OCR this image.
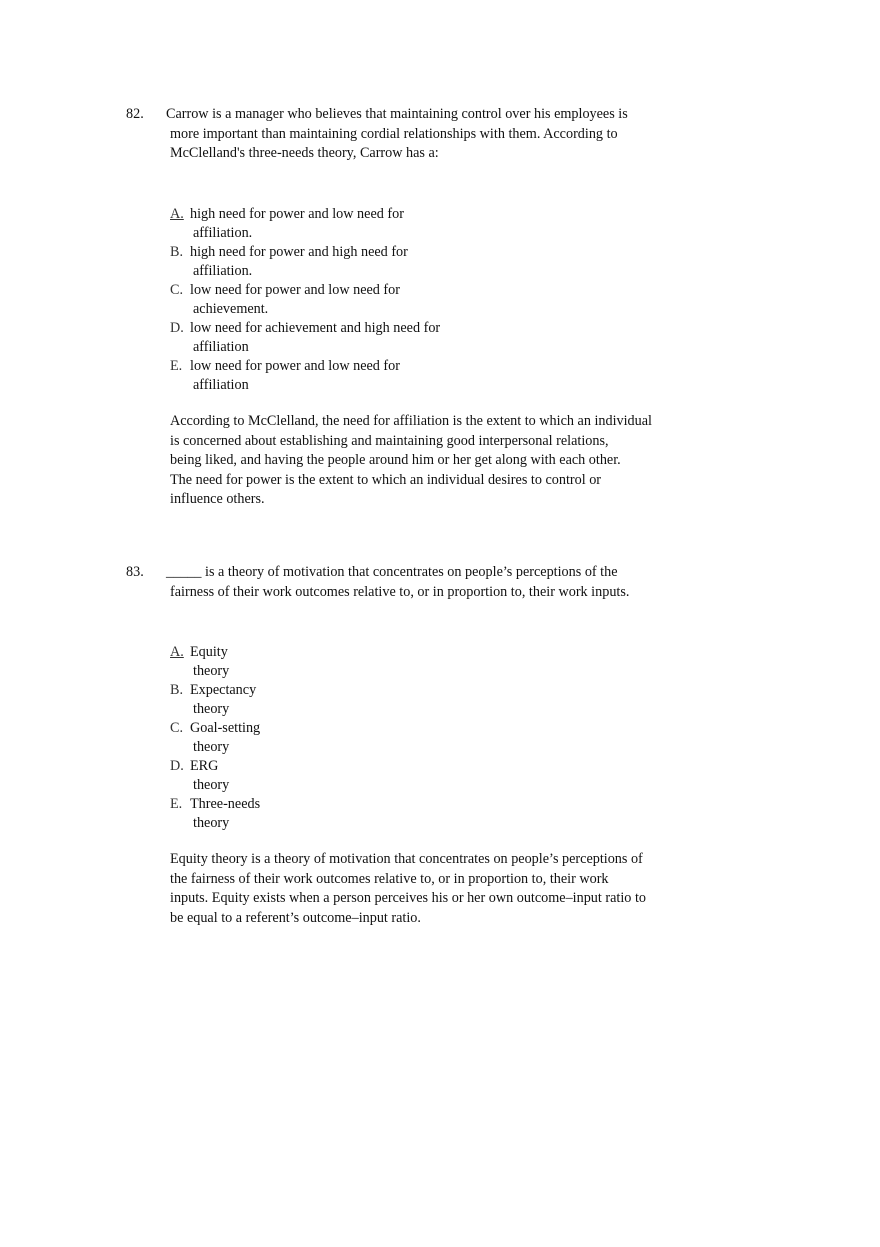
82. Carrow is a manager who believes that maintaining control over his employees is
more important than maintaining cordial relationships with them. According to
McClelland's three-needs theory, Carrow has a:
A. high need for power and low need for
affiliation.
B. high need for power and high need for
affiliation.
C. low need for power and low need for
achievement.
D. low need for achievement and high need for
affiliation
E. low need for power and low need for
affiliation
According to McClelland, the need for affiliation is the extent to which an individual
is concerned about establishing and maintaining good interpersonal relations,
being liked, and having the people around him or her get along with each other.
The need for power is the extent to which an individual desires to control or
influence others.
83. _____ is a theory of motivation that concentrates on people’s perceptions of the
fairness of their work outcomes relative to, or in proportion to, their work inputs.
A. Equity
theory
B. Expectancy
theory
C. Goal-setting
theory
D. ERG
theory
E. Three-needs
theory
Equity theory is a theory of motivation that concentrates on people’s perceptions of
the fairness of their work outcomes relative to, or in proportion to, their work
inputs. Equity exists when a person perceives his or her own outcome–input ratio to
be equal to a referent’s outcome–input ratio.
